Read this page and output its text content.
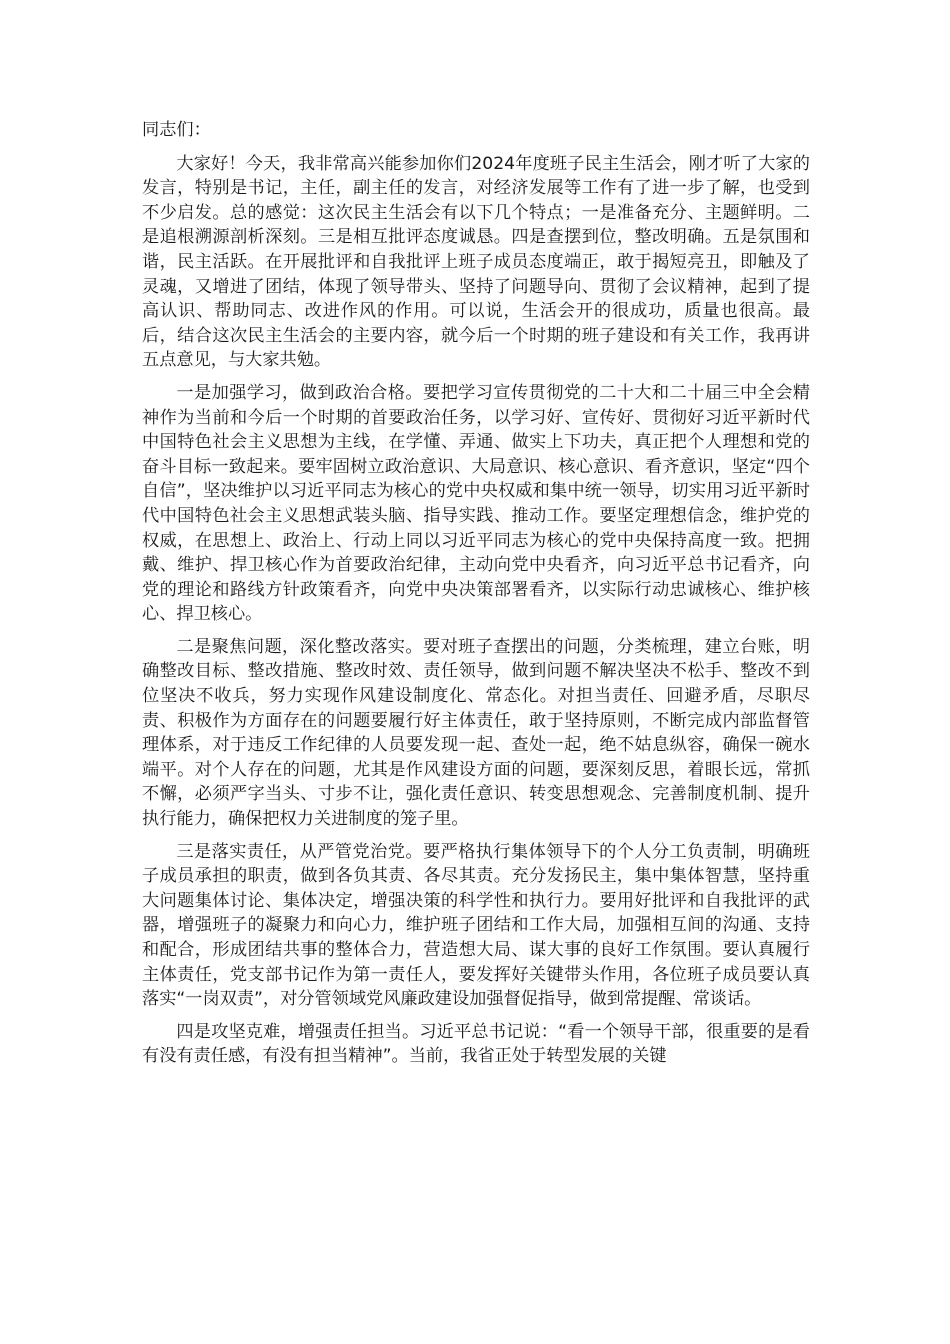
同志们：

大家好！今天，我非常高兴能参加你们2024年度班子民主生活会，刚才听了大家的发言，特别是书记，主任，副主任的发言，对经济发展等工作有了进一步了解，也受到不少启发。总的感觉：这次民主生活会有以下几个特点；一是准备充分、主题鲜明。二是追根溯源剖析深刻。三是相互批评态度诚恳。四是查摆到位，整改明确。五是氛围和谐，民主活跃。在开展批评和自我批评上班子成员态度端正，敢于揭短亮丑，即触及了灵魂，又增进了团结，体现了领导带头、坚持了问题导向、贯彻了会议精神，起到了提高认识、帮助同志、改进作风的作用。可以说，生活会开的很成功，质量也很高。最后，结合这次民主生活会的主要内容，就今后一个时期的班子建设和有关工作，我再讲五点意见，与大家共勉。

一是加强学习，做到政治合格。要把学习宣传贯彻党的二十大和二十届三中全会精神作为当前和今后一个时期的首要政治任务，以学习好、宣传好、贯彻好习近平新时代中国特色社会主义思想为主线，在学懂、弄通、做实上下功夫，真正把个人理想和党的奋斗目标一致起来。要牢固树立政治意识、大局意识、核心意识、看齐意识，坚定“四个自信”，坚决维护以习近平同志为核心的党中央权威和集中统一领导，切实用习近平新时代中国特色社会主义思想武装头脑、指导实践、推动工作。要坚定理想信念，维护党的权威，在思想上、政治上、行动上同以习近平同志为核心的党中央保持高度一致。把拥戴、维护、捍卫核心作为首要政治纪律，主动向党中央看齐，向习近平总书记看齐，向党的理论和路线方针政策看齐，向党中央决策部署看齐，以实际行动忠诚核心、维护核心、捍卫核心。

二是聚焦问题，深化整改落实。要对班子查摆出的问题，分类梳理，建立台账，明确整改目标、整改措施、整改时效、责任领导，做到问题不解决坚决不松手、整改不到位坚决不收兵，努力实现作风建设制度化、常态化。对担当责任、回避矛盾，尽职尽责、积极作为方面存在的问题要履行好主体责任，敢于坚持原则，不断完成内部监督管理体系，对于违反工作纪律的人员要发现一起、查处一起，绝不姑息纵容，确保一碗水端平。对个人存在的问题，尤其是作风建设方面的问题，要深刻反思，着眼长远，常抓不懈，必须严字当头、寸步不让，强化责任意识、转变思想观念、完善制度机制、提升执行能力，确保把权力关进制度的笼子里。

三是落实责任，从严管党治党。要严格执行集体领导下的个人分工负责制，明确班子成员承担的职责，做到各负其责、各尽其责。充分发扬民主，集中集体智慧，坚持重大问题集体讨论、集体决定，增强决策的科学性和执行力。要用好批评和自我批评的武器，增强班子的凝聚力和向心力，维护班子团结和工作大局，加强相互间的沟通、支持和配合，形成团结共事的整体合力，营造想大局、谋大事的良好工作氛围。要认真履行主体责任，党支部书记作为第一责任人，要发挥好关键带头作用，各位班子成员要认真落实“一岗双责”，对分管领域党风廉政建设加强督促指导，做到常提醒、常谈话。

四是攻坚克难，增强责任担当。习近平总书记说：“看一个领导干部，很重要的是看有没有责任感，有没有担当精神”。当前，我省正处于转型发展的关键
